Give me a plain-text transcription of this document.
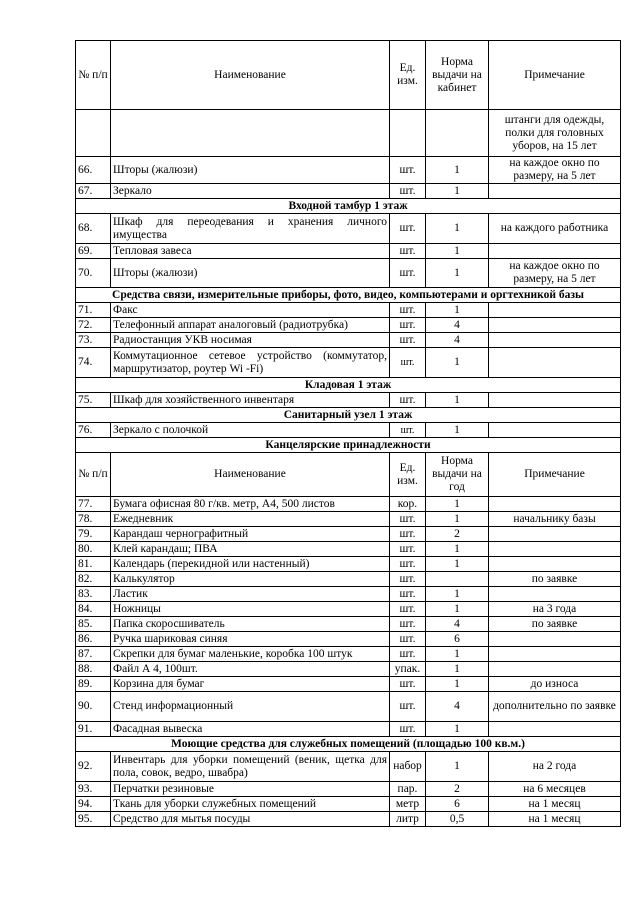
№ п/п	Наименование	Ед. изм.	Норма выдачи на кабинет	Примечание
				штанги для одежды, полки для головных уборов, на 15 лет
66.	Шторы (жалюзи)	шт.	1	на каждое окно по размеру, на 5 лет
67.	Зеркало	шт.	1	
Входной тамбур 1 этаж				
68.	Шкаф для переодевания и хранения личного имущества	шт.	1	на каждого работника
69.	Тепловая завеса	шт.	1	
70.	Шторы (жалюзи)	шт.	1	на каждое окно по размеру, на 5 лет
Средства связи, измерительные приборы, фото, видео, компьютерами и оргтехникой базы				
71.	Факс	шт.	1	
72.	Телефонный аппарат аналоговый (радиотрубка)	шт.	4	
73.	Радиостанция УКВ носимая	шт.	4	
74.	Коммутационное сетевое устройство (коммутатор, маршрутизатор, роутер Wi -Fi)	шт.	1	
Кладовая 1 этаж				
75.	Шкаф для хозяйственного инвентаря	шт.	1	
Санитарный узел 1 этаж				
76.	Зеркало с полочкой	шт.	1	
Канцелярские принадлежности				
№ п/п	Наименование	Ед. изм.	Норма выдачи на год	Примечание
77.	Бумага офисная 80 г/кв. метр, А4, 500 листов	кор.	1	
78.	Ежедневник	шт.	1	начальнику базы
79.	Карандаш чернографитный	шт.	2	
80.	Клей карандаш; ПВА	шт.	1	
81.	Календарь (перекидной или настенный)	шт.	1	
82.	Калькулятор	шт.		по заявке
83.	Ластик	шт.	1	
84.	Ножницы	шт.	1	на 3 года
85.	Папка скоросшиватель	шт.	4	по заявке
86.	Ручка шариковая синяя	шт.	6	
87.	Скрепки для бумаг маленькие, коробка 100 штук	шт.	1	
88.	Файл А 4, 100шт.	упак.	1	
89.	Корзина для бумаг	шт.	1	до износа
90.	Стенд информационный	шт.	4	дополнительно по заявке
91.	Фасадная вывеска	шт.	1	
Моющие средства для служебных помещений (площадью 100 кв.м.)				
92.	Инвентарь для уборки помещений (веник, щетка для пола, совок, ведро, швабра)	набор	1	на 2 года
93.	Перчатки резиновые	пар.	2	на 6 месяцев
94.	Ткань для уборки служебных помещений	метр	6	на 1 месяц
95.	Средство для мытья посуды	литр	0,5	на 1 месяц
